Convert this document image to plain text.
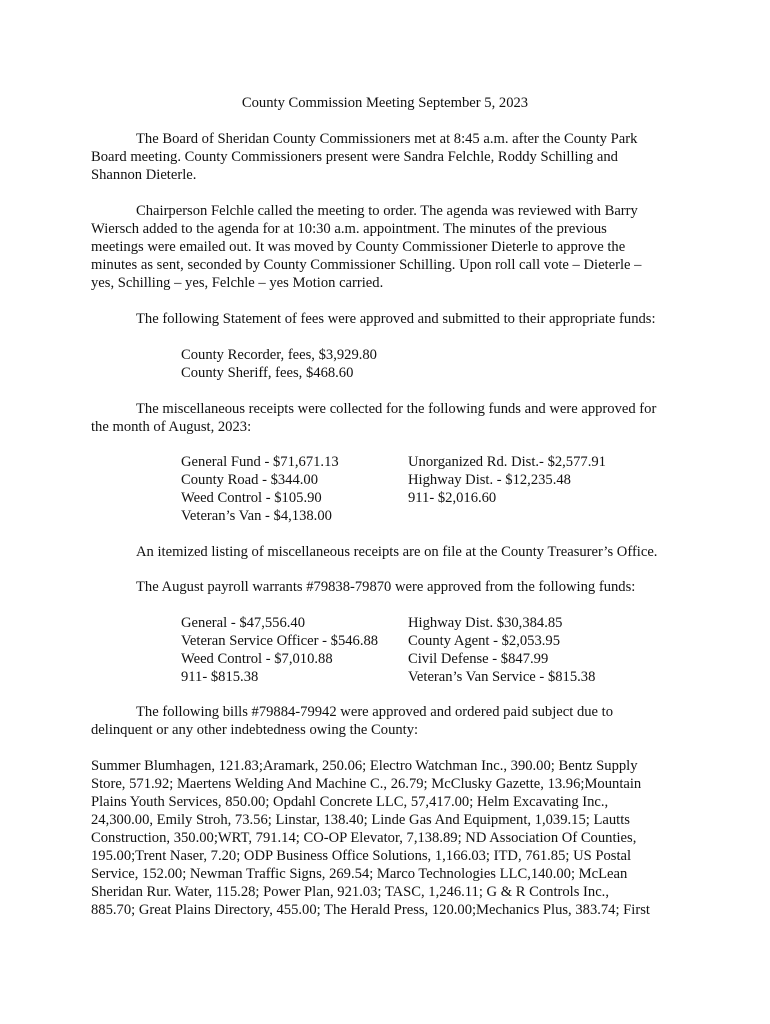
County Commission Meeting September 5, 2023
The Board of Sheridan County Commissioners met at 8:45 a.m. after the County Park
Board meeting. County Commissioners present were Sandra Felchle, Roddy Schilling and
Shannon Dieterle.
Chairperson Felchle called the meeting to order. The agenda was reviewed with Barry
Wiersch added to the agenda for at 10:30 a.m. appointment. The minutes of the previous
meetings were emailed out. It was moved by County Commissioner Dieterle to approve the
minutes as sent, seconded by County Commissioner Schilling. Upon roll call vote – Dieterle –
yes, Schilling – yes, Felchle – yes Motion carried.
The following Statement of fees were approved and submitted to their appropriate funds:
County Recorder, fees, $3,929.80
County Sheriff, fees, $468.60
The miscellaneous receipts were collected for the following funds and were approved for
the month of August, 2023:
General Fund - $71,671.13
County Road - $344.00
Weed Control - $105.90
Veteran’s Van - $4,138.00
Unorganized Rd. Dist.- $2,577.91
Highway Dist. - $12,235.48
911- $2,016.60
An itemized listing of miscellaneous receipts are on file at the County Treasurer’s Office.
The August payroll warrants #79838-79870 were approved from the following funds:
General - $47,556.40
Veteran Service Officer - $546.88
Weed Control - $7,010.88
911- $815.38
Highway Dist. $30,384.85
County Agent - $2,053.95
Civil Defense - $847.99
Veteran’s Van Service - $815.38
The following bills #79884-79942 were approved and ordered paid subject due to
delinquent or any other indebtedness owing the County:
Summer Blumhagen, 121.83;Aramark, 250.06; Electro Watchman Inc., 390.00; Bentz Supply
Store, 571.92; Maertens Welding And Machine C., 26.79; McClusky Gazette, 13.96;Mountain
Plains Youth Services, 850.00; Opdahl Concrete LLC, 57,417.00; Helm Excavating Inc.,
24,300.00, Emily Stroh, 73.56; Linstar, 138.40; Linde Gas And Equipment, 1,039.15; Lautts
Construction, 350.00;WRT, 791.14; CO-OP Elevator, 7,138.89; ND Association Of Counties,
195.00;Trent Naser, 7.20; ODP Business Office Solutions, 1,166.03; ITD, 761.85; US Postal
Service, 152.00; Newman Traffic Signs, 269.54; Marco Technologies LLC,140.00; McLean
Sheridan Rur. Water, 115.28; Power Plan, 921.03; TASC, 1,246.11; G & R Controls Inc.,
885.70; Great Plains Directory, 455.00; The Herald Press, 120.00;Mechanics Plus, 383.74; First
